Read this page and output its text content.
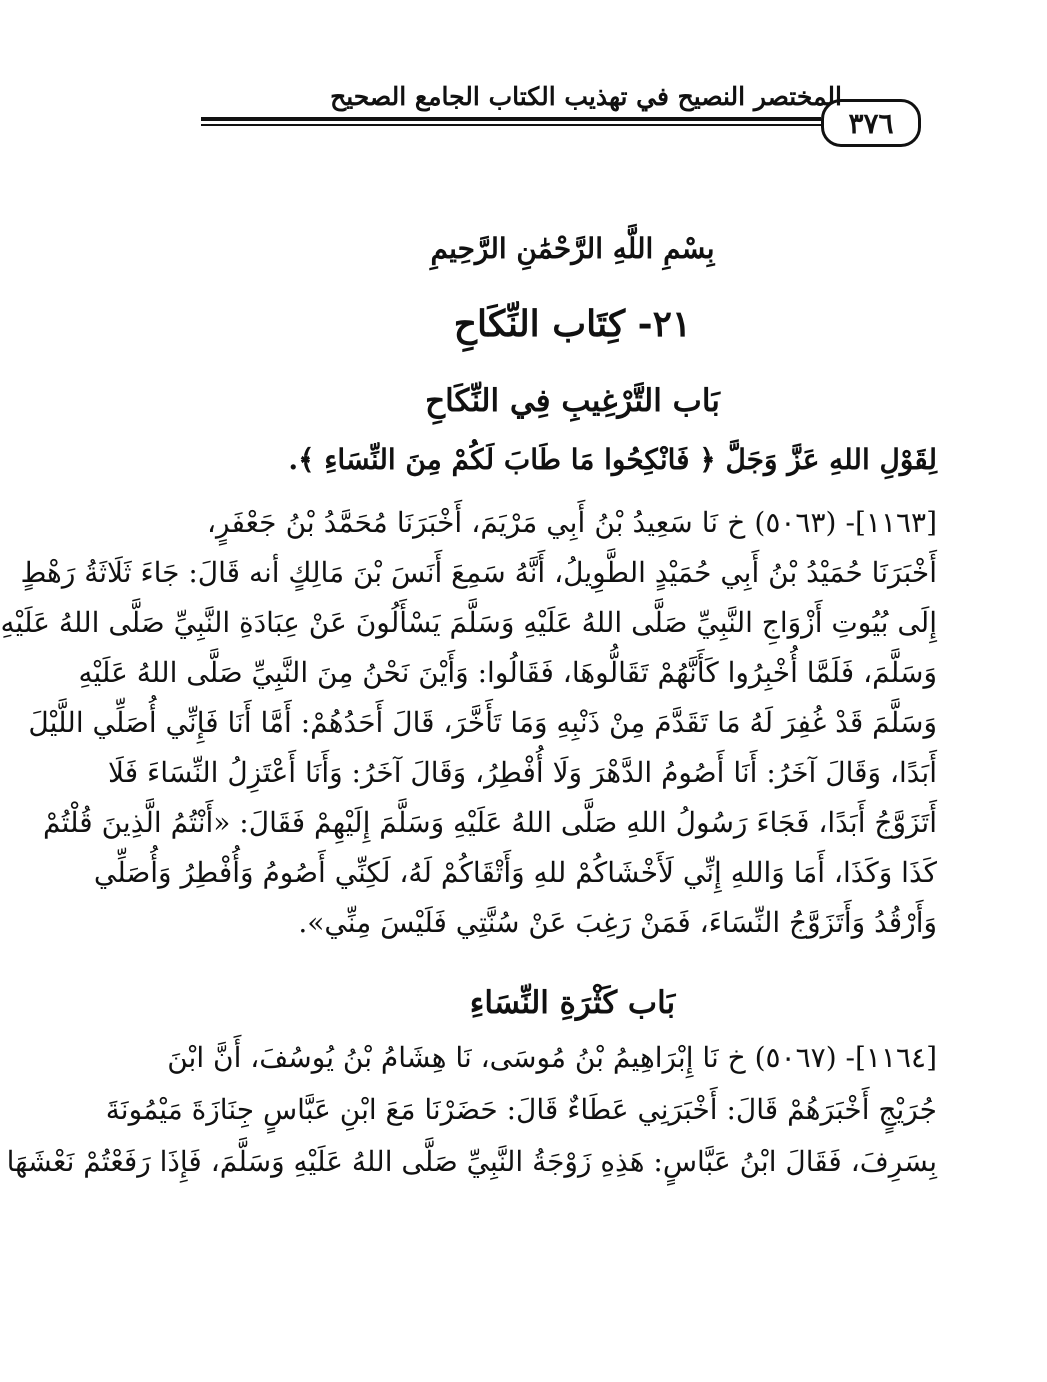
المختصر النصيح في تهذيب الكتاب الجامع الصحيح
٣٧٦
بِسْمِ اللَّهِ الرَّحْمَٰنِ الرَّحِيمِ
٢١- كِتَاب النِّكَاحِ
بَاب التَّرْغِيبِ فِي النِّكَاحِ
لِقَوْلِ اللهِ عَزَّ وَجَلَّ ﴿ فَانْكِحُوا مَا طَابَ لَكُمْ مِنَ النِّسَاءِ ﴾.
[١١٦٣]- (٥٠٦٣) خ نَا سَعِيدُ بْنُ أَبِي مَرْيَمَ، أَخْبَرَنَا مُحَمَّدُ بْنُ جَعْفَرٍ،
أَخْبَرَنَا حُمَيْدُ بْنُ أَبِي حُمَيْدٍ الطَّوِيلُ، أَنَّهُ سَمِعَ أَنَسَ بْنَ مَالِكٍ أنه قَالَ: جَاءَ ثَلَاثَةُ رَهْطٍ
إِلَى بُيُوتِ أَزْوَاجِ النَّبِيِّ صَلَّى اللهُ عَلَيْهِ وَسَلَّمَ يَسْأَلُونَ عَنْ عِبَادَةِ النَّبِيِّ صَلَّى اللهُ عَلَيْهِ
وَسَلَّمَ، فَلَمَّا أُخْبِرُوا كَأَنَّهُمْ تَقَالُّوهَا، فَقَالُوا: وَأَيْنَ نَحْنُ مِنَ النَّبِيِّ صَلَّى اللهُ عَلَيْهِ
وَسَلَّمَ قَدْ غُفِرَ لَهُ مَا تَقَدَّمَ مِنْ ذَنْبِهِ وَمَا تَأَخَّرَ، قَالَ أَحَدُهُمْ: أَمَّا أَنَا فَإِنِّي أُصَلِّي اللَّيْلَ
أَبَدًا، وَقَالَ آخَرُ: أَنَا أَصُومُ الدَّهْرَ وَلَا أُفْطِرُ، وَقَالَ آخَرُ: وَأَنَا أَعْتَزِلُ النِّسَاءَ فَلَا
أَتَزَوَّجُ أَبَدًا، فَجَاءَ رَسُولُ اللهِ صَلَّى اللهُ عَلَيْهِ وَسَلَّمَ إِلَيْهِمْ فَقَالَ: «أَنْتُمُ الَّذِينَ قُلْتُمْ
كَذَا وَكَذَا، أَمَا وَاللهِ إِنِّي لَأَخْشَاكُمْ للهِ وَأَتْقَاكُمْ لَهُ، لَكِنِّي أَصُومُ وَأُفْطِرُ وَأُصَلِّي
وَأَرْقُدُ وَأَتَزَوَّجُ النِّسَاءَ، فَمَنْ رَغِبَ عَنْ سُنَّتِي فَلَيْسَ مِنِّي».
بَاب كَثْرَةِ النِّسَاءِ
[١١٦٤]- (٥٠٦٧) خ نَا إِبْرَاهِيمُ بْنُ مُوسَى، نَا هِشَامُ بْنُ يُوسُفَ، أَنَّ ابْنَ
جُرَيْجٍ أَخْبَرَهُمْ قَالَ: أَخْبَرَنِي عَطَاءٌ قَالَ: حَضَرْنَا مَعَ ابْنِ عَبَّاسٍ جِنَازَةَ مَيْمُونَةَ
بِسَرِفَ، فَقَالَ ابْنُ عَبَّاسٍ: هَذِهِ زَوْجَةُ النَّبِيِّ صَلَّى اللهُ عَلَيْهِ وَسَلَّمَ، فَإِذَا رَفَعْتُمْ نَعْشَهَا
